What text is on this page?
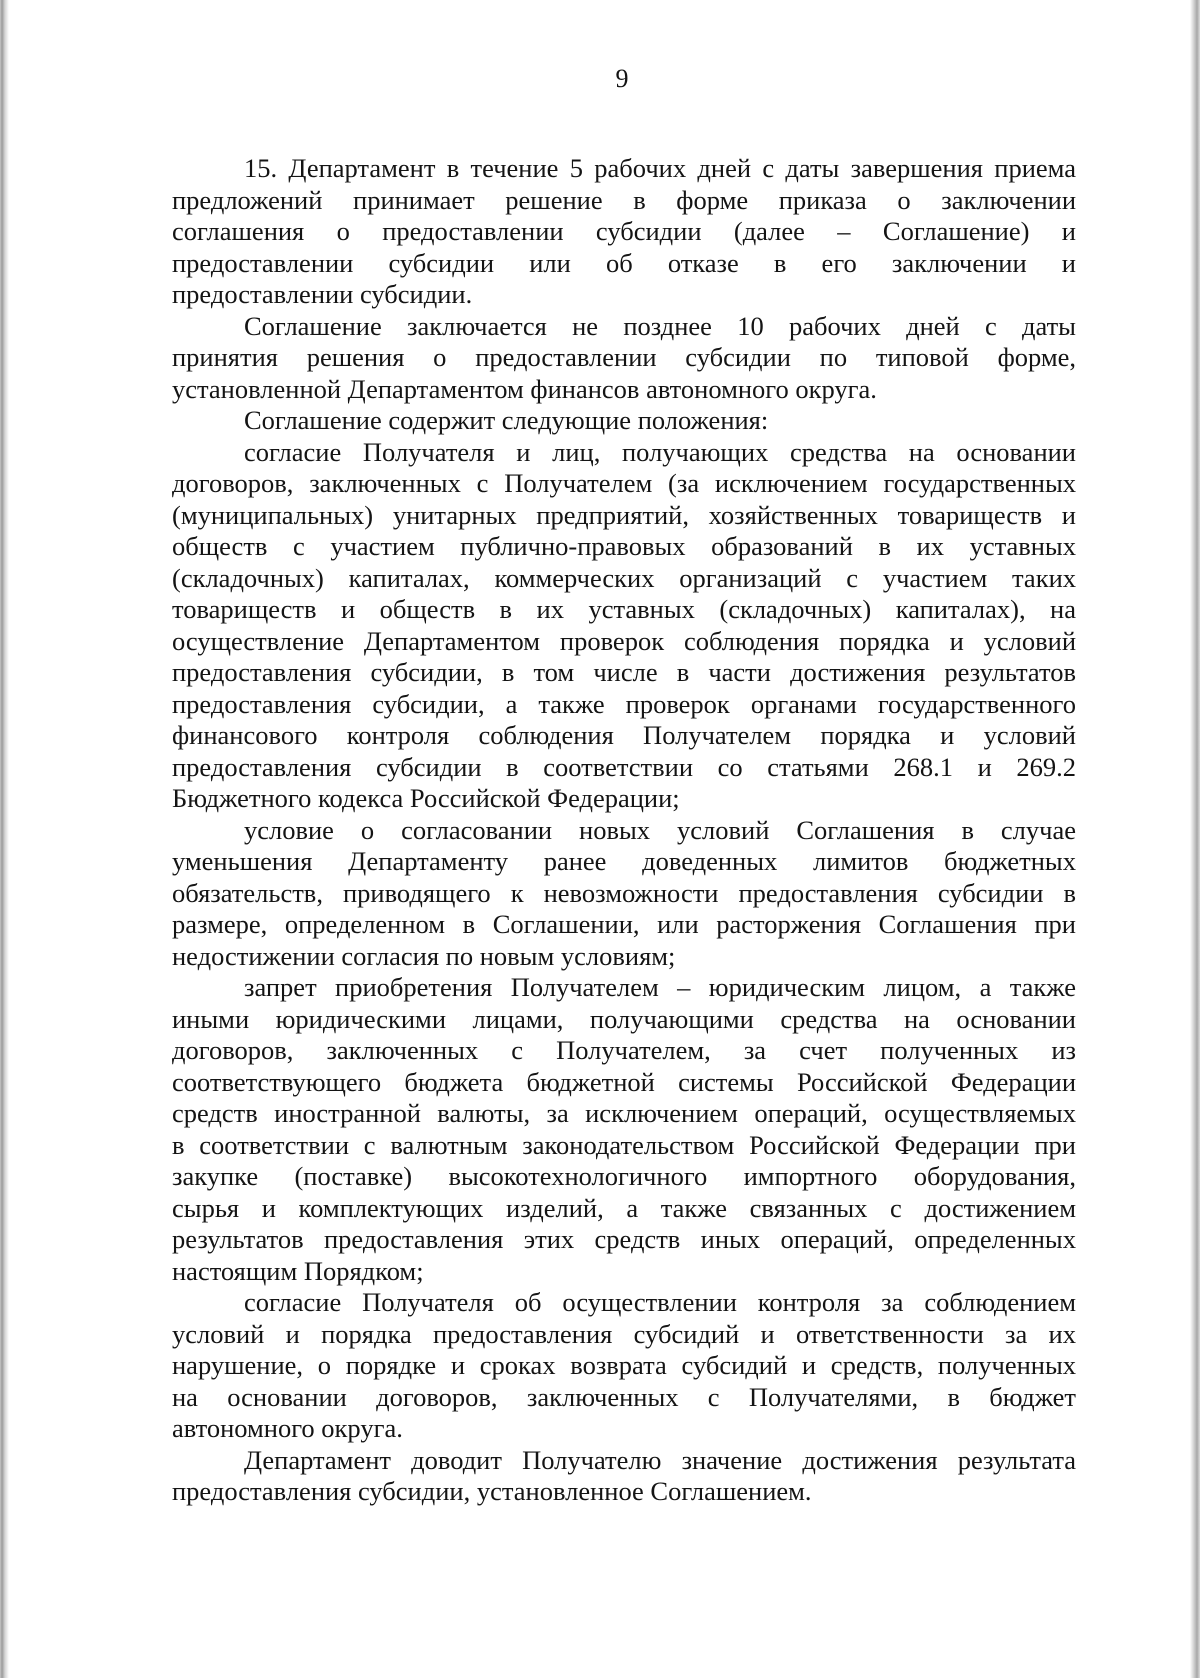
9
15. Департамент в течение 5 рабочих дней с даты завершения приема
предложений принимает решение в форме приказа о заключении
соглашения о предоставлении субсидии (далее – Соглашение) и
предоставлении субсидии или об отказе в его заключении и
предоставлении субсидии.
Соглашение заключается не позднее 10 рабочих дней с даты
принятия решения о предоставлении субсидии по типовой форме,
установленной Департаментом финансов автономного округа.
Соглашение содержит следующие положения:
согласие Получателя и лиц, получающих средства на основании
договоров, заключенных с Получателем (за исключением государственных
(муниципальных) унитарных предприятий, хозяйственных товариществ и
обществ с участием публично-правовых образований в их уставных
(складочных) капиталах, коммерческих организаций с участием таких
товариществ и обществ в их уставных (складочных) капиталах), на
осуществление Департаментом проверок соблюдения порядка и условий
предоставления субсидии, в том числе в части достижения результатов
предоставления субсидии, а также проверок органами государственного
финансового контроля соблюдения Получателем порядка и условий
предоставления субсидии в соответствии со статьями 268.1 и 269.2
Бюджетного кодекса Российской Федерации;
условие о согласовании новых условий Соглашения в случае
уменьшения Департаменту ранее доведенных лимитов бюджетных
обязательств, приводящего к невозможности предоставления субсидии в
размере, определенном в Соглашении, или расторжения Соглашения при
недостижении согласия по новым условиям;
запрет приобретения Получателем – юридическим лицом, а также
иными юридическими лицами, получающими средства на основании
договоров, заключенных с Получателем, за счет полученных из
соответствующего бюджета бюджетной системы Российской Федерации
средств иностранной валюты, за исключением операций, осуществляемых
в соответствии с валютным законодательством Российской Федерации при
закупке (поставке) высокотехнологичного импортного оборудования,
сырья и комплектующих изделий, а также связанных с достижением
результатов предоставления этих средств иных операций, определенных
настоящим Порядком;
согласие Получателя об осуществлении контроля за соблюдением
условий и порядка предоставления субсидий и ответственности за их
нарушение, о порядке и сроках возврата субсидий и средств, полученных
на основании договоров, заключенных с Получателями, в бюджет
автономного округа.
Департамент доводит Получателю значение достижения результата
предоставления субсидии, установленное Соглашением.
